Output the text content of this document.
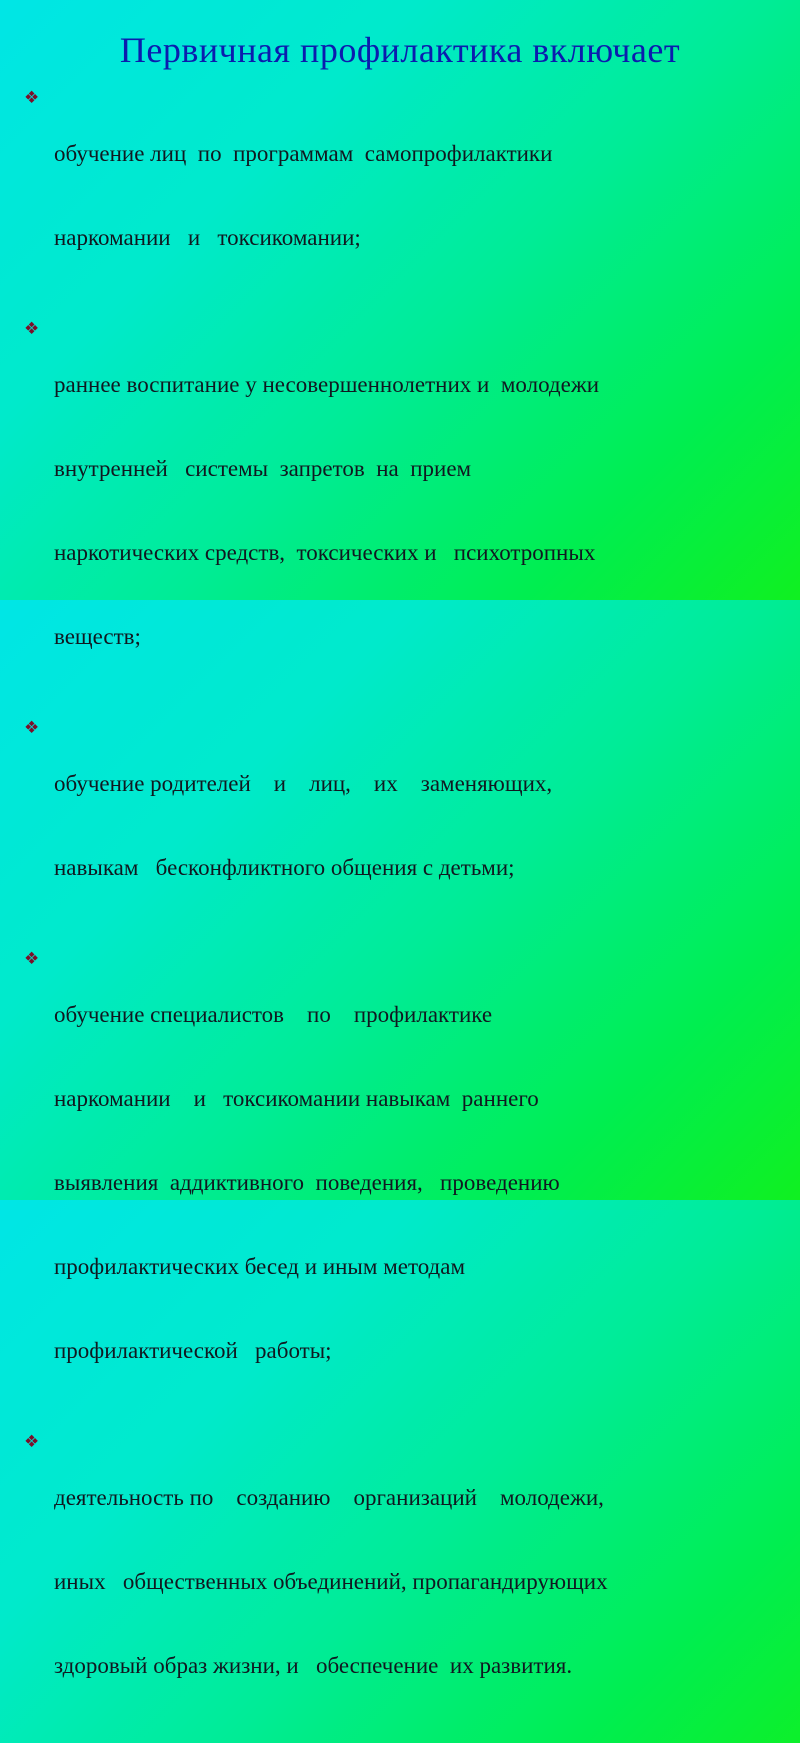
Первичная профилактика включает
❖

обучение лиц  по  программам  самопрофилактики

наркомании   и   токсикомании;

❖

раннее воспитание у несовершеннолетних и  молодежи

внутренней   системы  запретов  на  прием

наркотических средств,  токсических и   психотропных

веществ;

❖

обучение родителей    и    лиц,    их    заменяющих,

навыкам   бесконфликтного общения с детьми;

❖

обучение специалистов    по    профилактике

наркомании    и   токсикомании навыкам  раннего

выявления  аддиктивного  поведения,   проведению

профилактических бесед и иным методам

профилактической   работы;

❖

деятельность по    созданию    организаций    молодежи,

иных   общественных объединений, пропагандирующих

здоровый образ жизни, и   обеспечение  их развития.
